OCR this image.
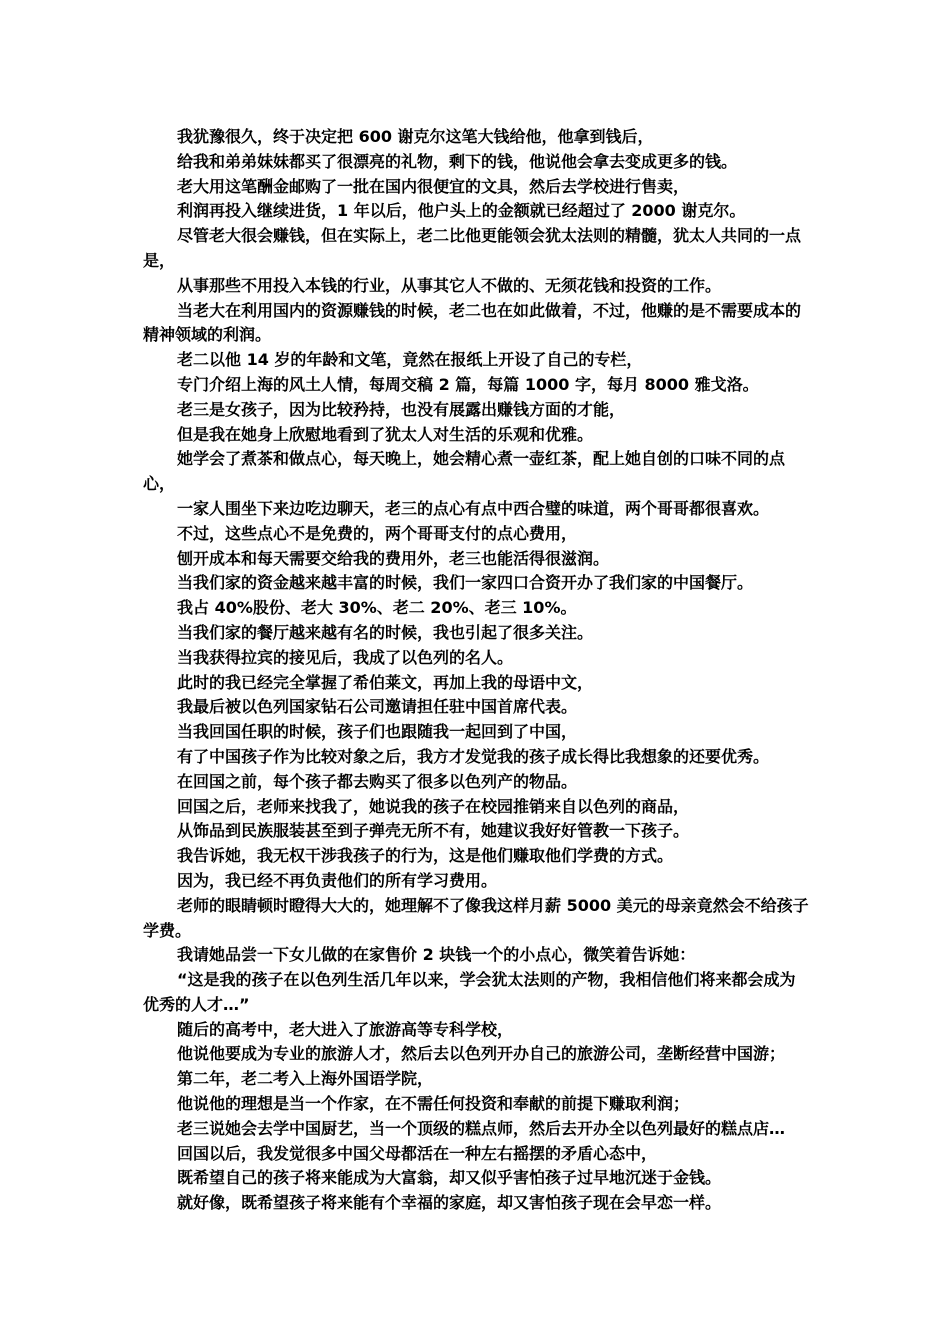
我犹豫很久，终于决定把 600 谢克尔这笔大钱给他，他拿到钱后，

给我和弟弟妹妹都买了很漂亮的礼物，剩下的钱，他说他会拿去变成更多的钱。

老大用这笔酬金邮购了一批在国内很便宜的文具，然后去学校进行售卖，

利润再投入继续进货，1 年以后，他户头上的金额就已经超过了 2000 谢克尔。

尽管老大很会赚钱，但在实际上，老二比他更能领会犹太法则的精髓，犹太人共同的一点是，

从事那些不用投入本钱的行业，从事其它人不做的、无须花钱和投资的工作。

当老大在利用国内的资源赚钱的时候，老二也在如此做着，不过，他赚的是不需要成本的精神领域的利润。

老二以他 14 岁的年龄和文笔，竟然在报纸上开设了自己的专栏，

专门介绍上海的风土人情，每周交稿 2 篇，每篇 1000 字，每月 8000 雅戈洛。

老三是女孩子，因为比较矜持，也没有展露出赚钱方面的才能，

但是我在她身上欣慰地看到了犹太人对生活的乐观和优雅。

她学会了煮茶和做点心，每天晚上，她会精心煮一壶红茶，配上她自创的口味不同的点心，

一家人围坐下来边吃边聊天，老三的点心有点中西合璧的味道，两个哥哥都很喜欢。

不过，这些点心不是免费的，两个哥哥支付的点心费用，

刨开成本和每天需要交给我的费用外，老三也能活得很滋润。

当我们家的资金越来越丰富的时候，我们一家四口合资开办了我们家的中国餐厅。

我占 40%股份、老大 30%、老二 20%、老三 10%。

当我们家的餐厅越来越有名的时候，我也引起了很多关注。

当我获得拉宾的接见后，我成了以色列的名人。

此时的我已经完全掌握了希伯莱文，再加上我的母语中文，

我最后被以色列国家钻石公司邀请担任驻中国首席代表。

当我回国任职的时候，孩子们也跟随我一起回到了中国，

有了中国孩子作为比较对象之后，我方才发觉我的孩子成长得比我想象的还要优秀。

在回国之前，每个孩子都去购买了很多以色列产的物品。

回国之后，老师来找我了，她说我的孩子在校园推销来自以色列的商品，

从饰品到民族服装甚至到子弹壳无所不有，她建议我好好管教一下孩子。

我告诉她，我无权干涉我孩子的行为，这是他们赚取他们学费的方式。

因为，我已经不再负责他们的所有学习费用。

老师的眼睛顿时瞪得大大的，她理解不了像我这样月薪 5000 美元的母亲竟然会不给孩子学费。

我请她品尝一下女儿做的在家售价 2 块钱一个的小点心，微笑着告诉她：

“这是我的孩子在以色列生活几年以来，学会犹太法则的产物，我相信他们将来都会成为优秀的人才…”

随后的高考中，老大进入了旅游高等专科学校，

他说他要成为专业的旅游人才，然后去以色列开办自己的旅游公司，垄断经营中国游；

第二年，老二考入上海外国语学院，

他说他的理想是当一个作家，在不需任何投资和奉献的前提下赚取利润；

老三说她会去学中国厨艺，当一个顶级的糕点师，然后去开办全以色列最好的糕点店…

回国以后，我发觉很多中国父母都活在一种左右摇摆的矛盾心态中，

既希望自己的孩子将来能成为大富翁，却又似乎害怕孩子过早地沉迷于金钱。

就好像，既希望孩子将来能有个幸福的家庭，却又害怕孩子现在会早恋一样。
